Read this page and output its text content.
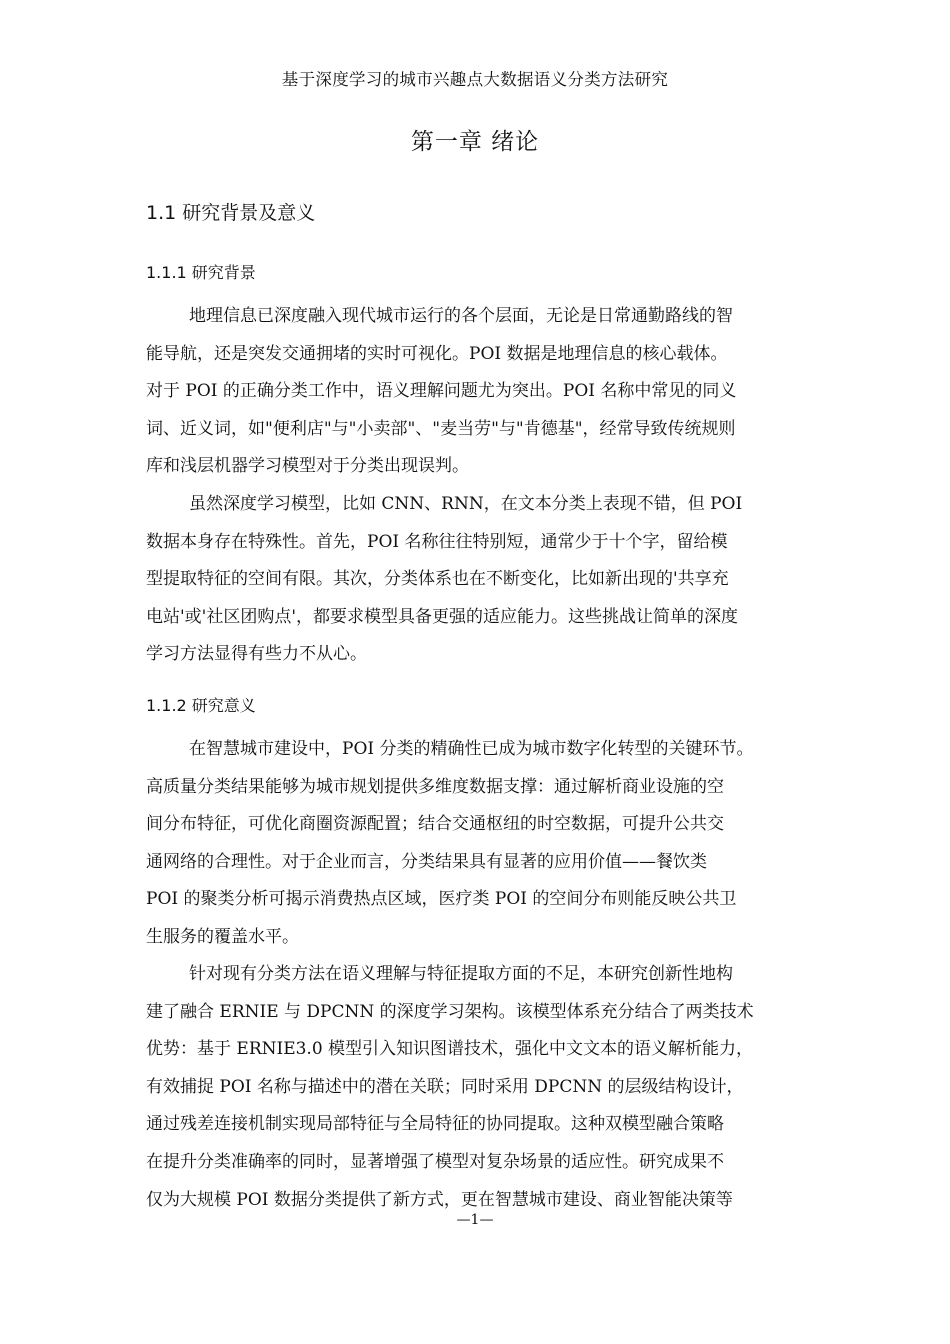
基于深度学习的城市兴趣点大数据语义分类方法研究
第一章 绪论
1.1 研究背景及意义
1.1.1 研究背景
地理信息已深度融入现代城市运行的各个层面，无论是日常通勤路线的智
能导航，还是突发交通拥堵的实时可视化。POI 数据是地理信息的核心载体。
对于 POI 的正确分类工作中，语义理解问题尤为突出。POI 名称中常见的同义
词、近义词，如"便利店"与"小卖部"、"麦当劳"与"肯德基"，经常导致传统规则
库和浅层机器学习模型对于分类出现误判。
虽然深度学习模型，比如 CNN、RNN，在文本分类上表现不错，但 POI
数据本身存在特殊性。首先，POI 名称往往特别短，通常少于十个字，留给模
型提取特征的空间有限。其次，分类体系也在不断变化，比如新出现的'共享充
电站'或'社区团购点'，都要求模型具备更强的适应能力。这些挑战让简单的深度
学习方法显得有些力不从心。
1.1.2 研究意义
在智慧城市建设中，POI 分类的精确性已成为城市数字化转型的关键环节。
高质量分类结果能够为城市规划提供多维度数据支撑：通过解析商业设施的空
间分布特征，可优化商圈资源配置；结合交通枢纽的时空数据，可提升公共交
通网络的合理性。对于企业而言，分类结果具有显著的应用价值——餐饮类
POI 的聚类分析可揭示消费热点区域，医疗类 POI 的空间分布则能反映公共卫
生服务的覆盖水平。
针对现有分类方法在语义理解与特征提取方面的不足，本研究创新性地构
建了融合 ERNIE 与 DPCNN 的深度学习架构。该模型体系充分结合了两类技术
优势：基于 ERNIE3.0 模型引入知识图谱技术，强化中文文本的语义解析能力，
有效捕捉 POI 名称与描述中的潜在关联；同时采用 DPCNN 的层级结构设计，
通过残差连接机制实现局部特征与全局特征的协同提取。这种双模型融合策略
在提升分类准确率的同时，显著增强了模型对复杂场景的适应性。研究成果不
仅为大规模 POI 数据分类提供了新方式，更在智慧城市建设、商业智能决策等
—1—
